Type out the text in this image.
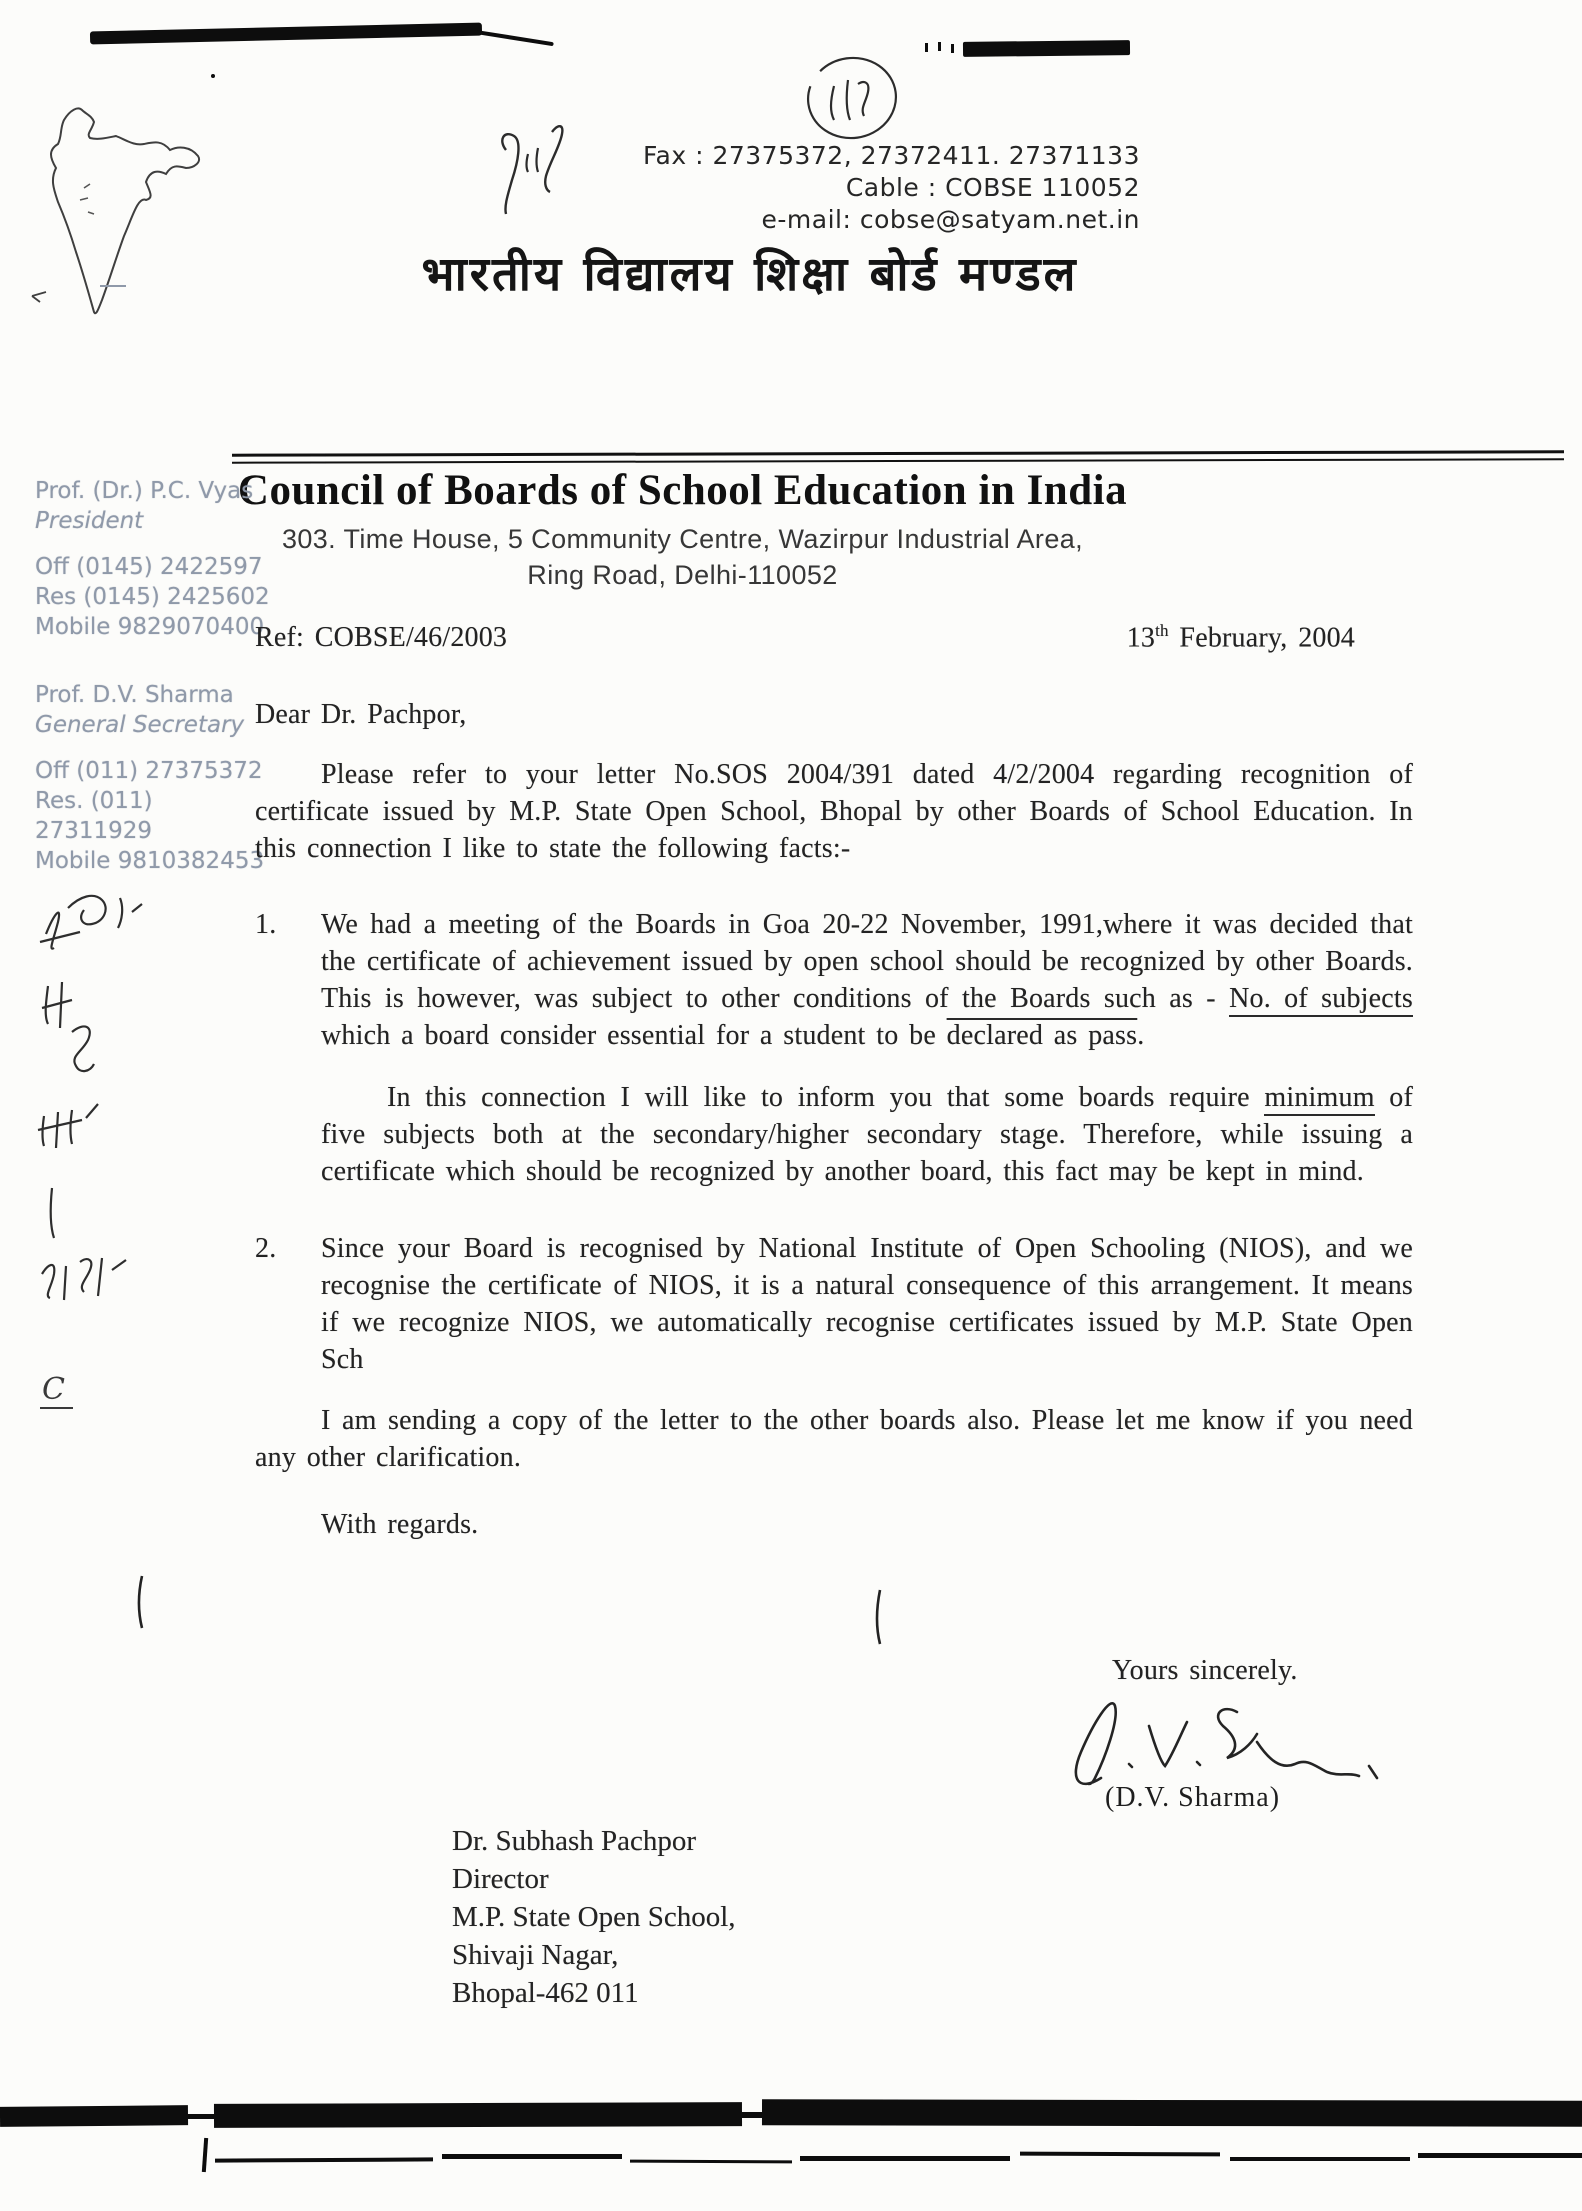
Fax : 27375372, 27372411. 27371133
Cable : COBSE 110052
e-mail: cobse@satyam.net.in
भारतीय विद्यालय शिक्षा बोर्ड मण्डल
Council of Boards of School Education in India
303. Time House, 5 Community Centre, Wazirpur Industrial Area,
Ring Road, Delhi-110052
Prof. (Dr.) P.C. Vyas
President
Off (0145) 2422597
Res (0145) 2425602
Mobile 9829070400
Prof. D.V. Sharma
General Secretary
Off (011) 27375372
Res. (011) 27311929
Mobile 9810382453
C
Ref: COBSE/46/2003	13th February, 2004
Dear Dr. Pachpor,
Please refer to your letter No.SOS 2004/391 dated 4/2/2004 regarding recognition of certificate issued by M.P. State Open School, Bhopal by other Boards of School Education. In this connection I like to state the following facts:-
1.	We had a meeting of the Boards in Goa 20-22 November, 1991,where it was decided that the certificate of achievement issued by open school should be recognized by other Boards. This is however, was subject to other conditions of the Boards such as - No. of subjects which a board consider essential for a student to be declared as pass.
In this connection I will like to inform you that some boards require minimum of five subjects both at the secondary/higher secondary stage. Therefore, while issuing a certificate which should be recognized by another board, this fact may be kept in mind.
2.	Since your Board is recognised by National Institute of Open Schooling (NIOS), and we recognise the certificate of NIOS, it is a natural consequence of this arrangement. It means if we recognize NIOS, we automatically recognise certificates issued by M.P. State Open Sch
I am sending a copy of the letter to the other boards also. Please let me know if you need any other clarification.
With regards.
Yours sincerely.
(D.V. Sharma)
Dr. Subhash Pachpor
Director
M.P. State Open School,
Shivaji Nagar,
Bhopal-462 011
